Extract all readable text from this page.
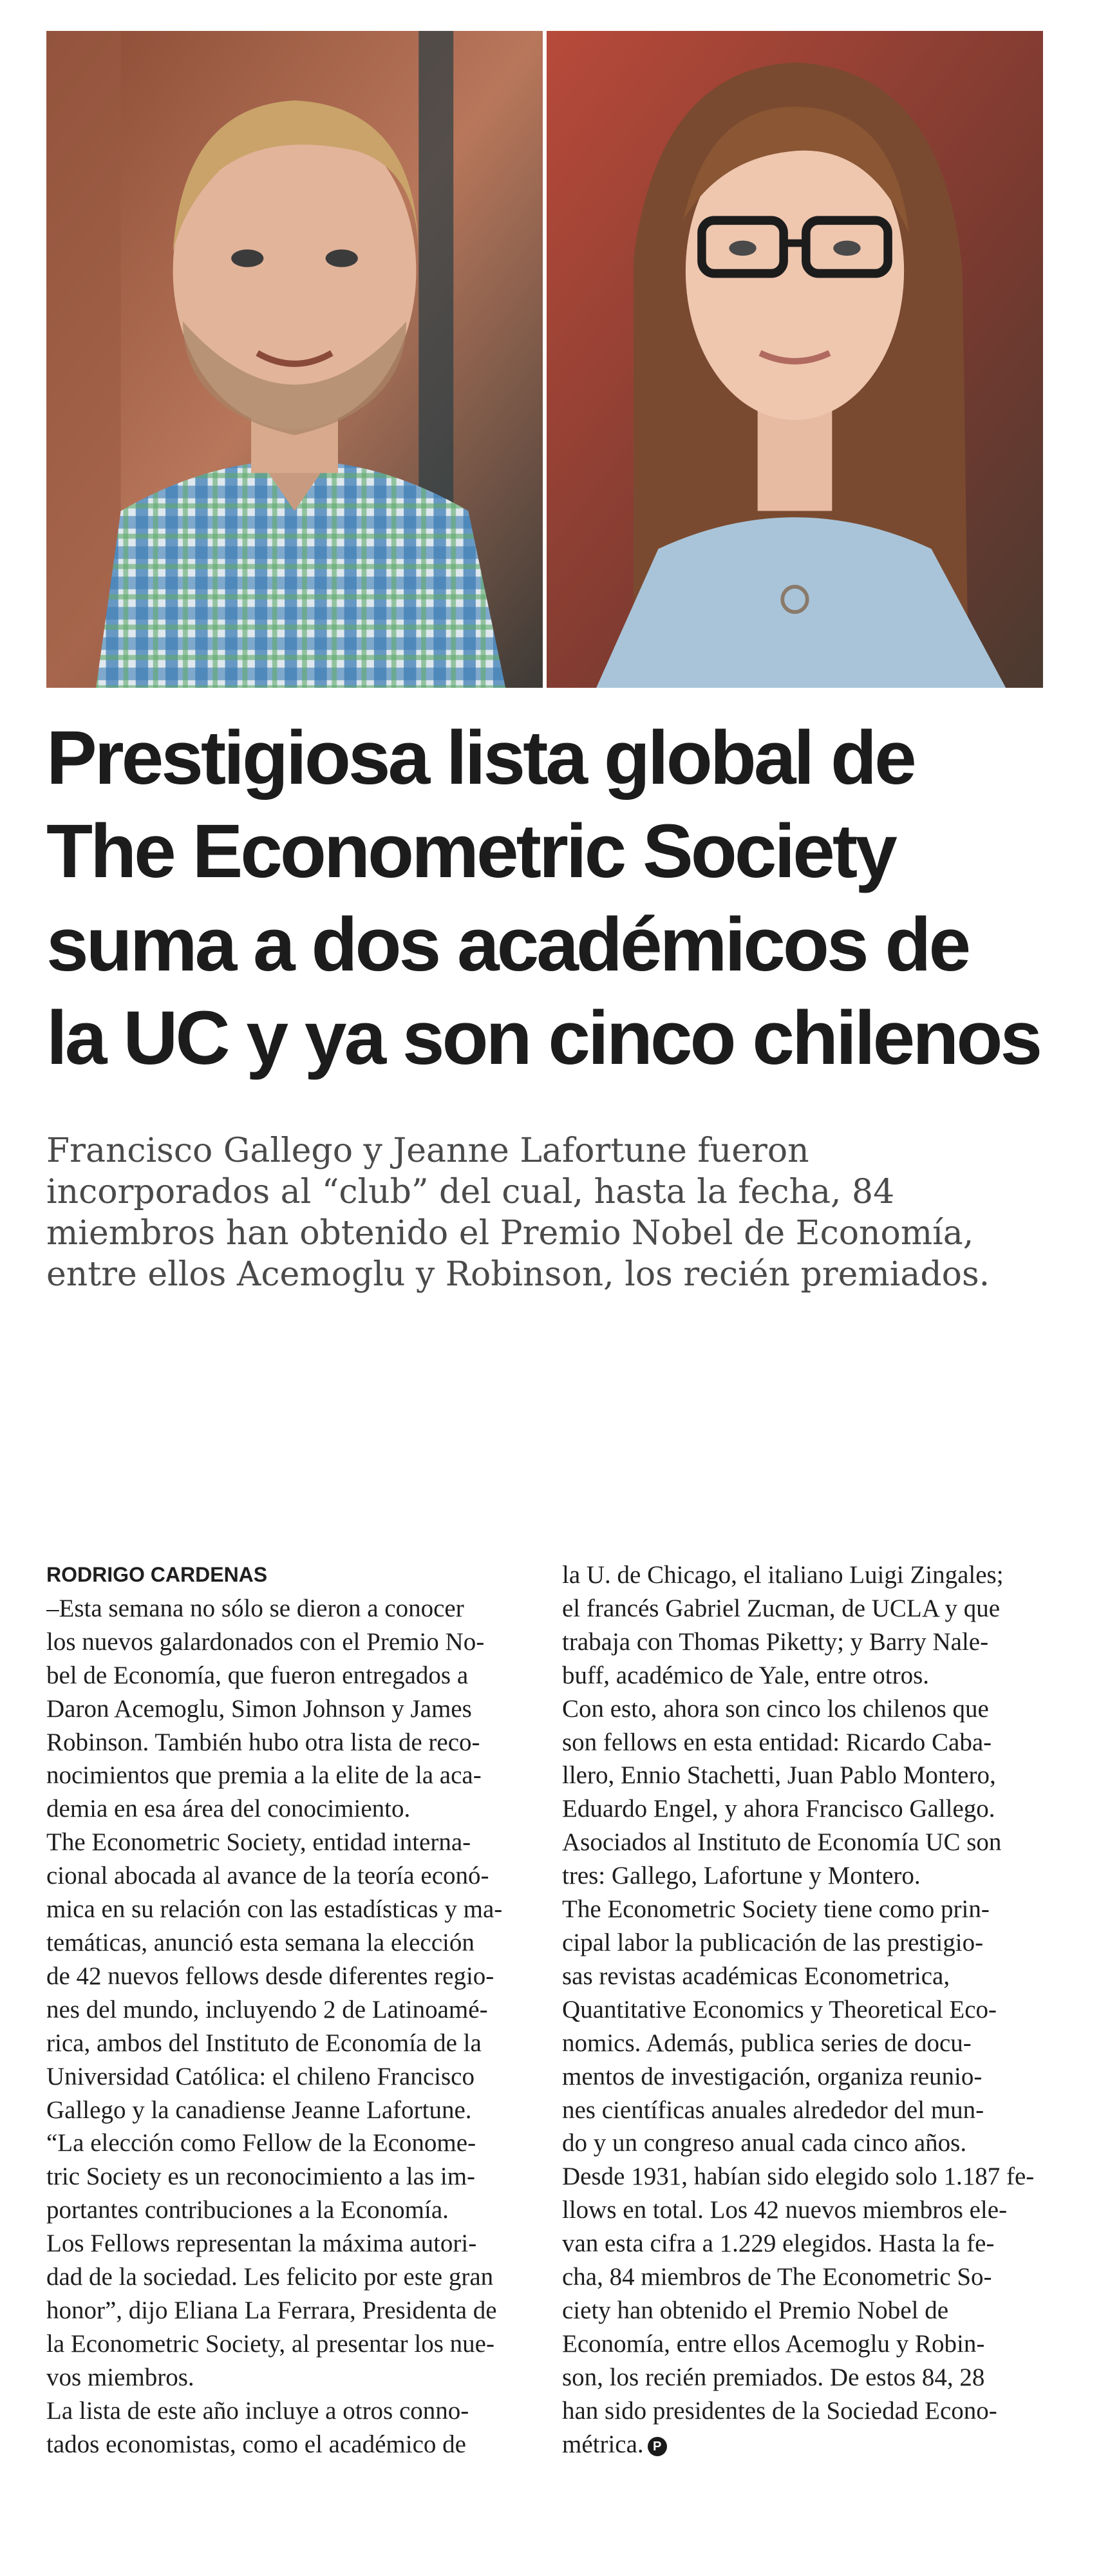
Prestigiosa lista global de
The Econometric Society
suma a dos académicos de
la UC y ya son cinco chilenos

Francisco Gallego y Jeanne Lafortune fueron
incorporados al “club” del cual, hasta la fecha, 84
miembros han obtenido el Premio Nobel de Economía,
entre ellos Acemoglu y Robinson, los recién premiados.

RODRIGO CARDENAS
–Esta semana no sólo se dieron a conocer
los nuevos galardonados con el Premio No-
bel de Economía, que fueron entregados a
Daron Acemoglu, Simon Johnson y James
Robinson. También hubo otra lista de reco-
nocimientos que premia a la elite de la aca-
demia en esa área del conocimiento.
The Econometric Society, entidad interna-
cional abocada al avance de la teoría econó-
mica en su relación con las estadísticas y ma-
temáticas, anunció esta semana la elección
de 42 nuevos fellows desde diferentes regio-
nes del mundo, incluyendo 2 de Latinoamé-
rica, ambos del Instituto de Economía de la
Universidad Católica: el chileno Francisco
Gallego y la canadiense Jeanne Lafortune.
“La elección como Fellow de la Econome-
tric Society es un reconocimiento a las im-
portantes contribuciones a la Economía.
Los Fellows representan la máxima autori-
dad de la sociedad. Les felicito por este gran
honor”, dijo Eliana La Ferrara, Presidenta de
la Econometric Society, al presentar los nue-
vos miembros.
La lista de este año incluye a otros conno-
tados economistas, como el académico de
la U. de Chicago, el italiano Luigi Zingales;
el francés Gabriel Zucman, de UCLA y que
trabaja con Thomas Piketty; y Barry Nale-
buff, académico de Yale, entre otros.
Con esto, ahora son cinco los chilenos que
son fellows en esta entidad: Ricardo Caba-
llero, Ennio Stachetti, Juan Pablo Montero,
Eduardo Engel, y ahora Francisco Gallego.
Asociados al Instituto de Economía UC son
tres: Gallego, Lafortune y Montero.
The Econometric Society tiene como prin-
cipal labor la publicación de las prestigio-
sas revistas académicas Econometrica,
Quantitative Economics y Theoretical Eco-
nomics. Además, publica series de docu-
mentos de investigación, organiza reunio-
nes científicas anuales alrededor del mun-
do y un congreso anual cada cinco años.
Desde 1931, habían sido elegido solo 1.187 fe-
llows en total. Los 42 nuevos miembros ele-
van esta cifra a 1.229 elegidos. Hasta la fe-
cha, 84 miembros de The Econometric So-
ciety han obtenido el Premio Nobel de
Economía, entre ellos Acemoglu y Robin-
son, los recién premiados. De estos 84, 28
han sido presidentes de la Sociedad Econo-
métrica. P
